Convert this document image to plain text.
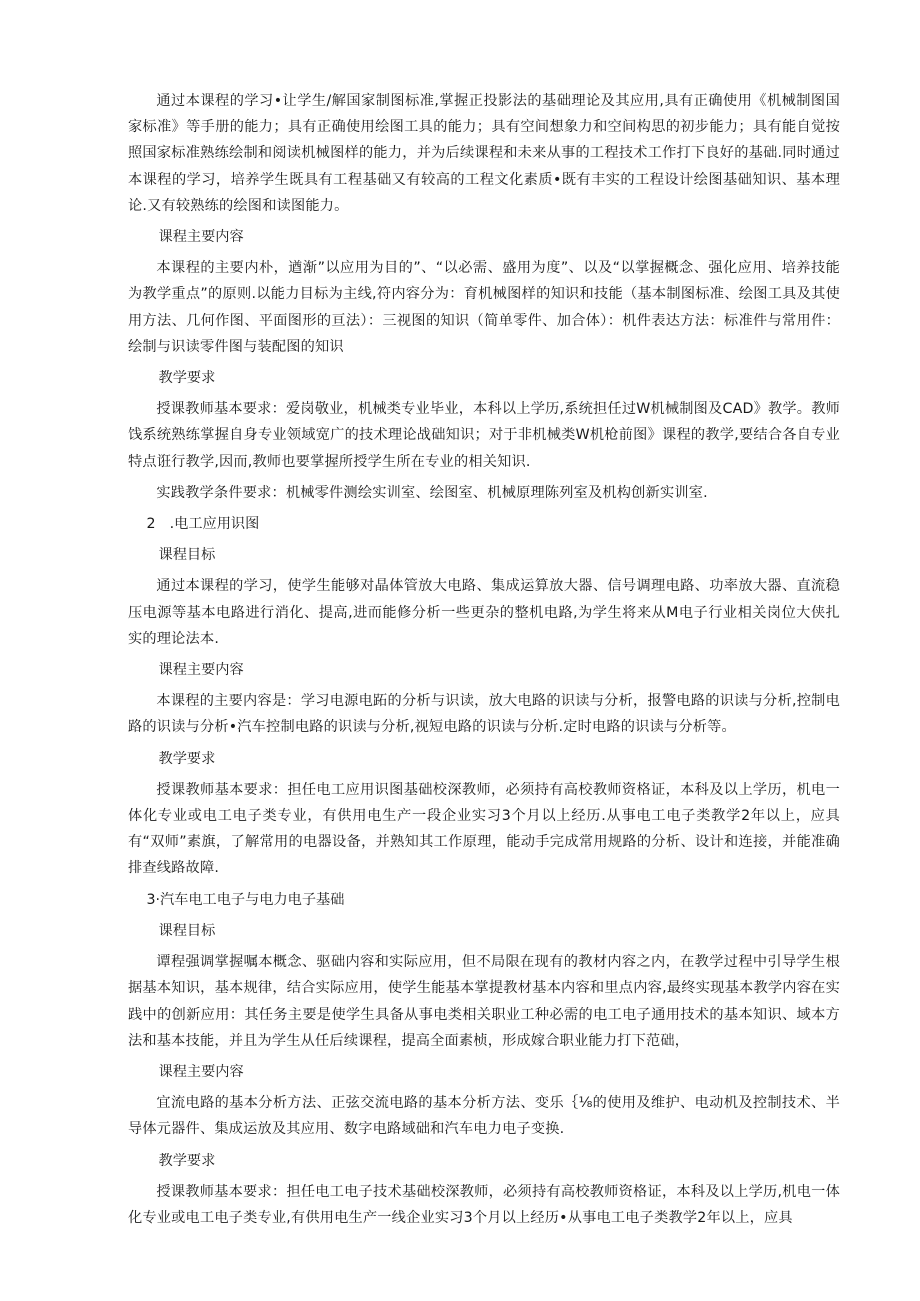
通过本课程的学习•让学生/解国家制图标准,掌握正投影法的基础理论及其应用,具有正确使用《机械制图国家标准》等手册的能力；具有正确使用绘图工具的能力；具有空间想象力和空间构思的初步能力；具有能自觉按照国家标准熟练绘制和阅读机械图样的能力，并为后续课程和未来从事的工程技术工作打下良好的基础.同时通过本课程的学习，培养学生既具有工程基础又有较高的工程文化素质•既有丰实的工程设计绘图基础知识、基本理论.又有较熟练的绘图和读图能力。

课程主要内容

本课程的主要内朴，遒渐”以应用为目的”、“以必需、盛用为度”、以及“以掌握概念、强化应用、培养技能为教学重点”的原则.以能力目标为主线,符内容分为：育机械图样的知识和技能（基本制图标准、绘图工具及其使用方法、几何作图、平面图形的亘法）：三视图的知识（简单零件、加合体）：机件表达方法：标准件与常用件：绘制与识读零件图与装配图的知识

教学要求

授课教师基本要求：爱岗敬业，机械类专业毕业，本科以上学历,系统担任过W机械制图及CAD》教学。教师饯系统熟练掌握自身专业领域宽广的技术理论战础知识；对于非机械类W机枪前图》课程的教学,要结合各自专业特点诳行教学,因而,教师也要掌握所授学生所在专业的相关知识.

实践教学条件要求：机械零件测绘实训室、绘图室、机械原理陈列室及机构创新实训室.

2　.电工应用识图

课程目标

通过本课程的学习，使学生能够对晶体管放大电路、集成运算放大器、信号调理电路、功率放大器、直流稳压电源等基本电路进行消化、提高,进而能修分析一些更杂的整机电路,为学生将来从M电子行业相关岗位大侠扎实的理论法本.

课程主要内容

本课程的主要内容是：学习电源电跖的分析与识读，放大电路的识读与分析，报警电路的识读与分析,控制电路的识读与分析•汽车控制电路的识读与分析,视短电路的识读与分析.定时电路的识读与分析等。

教学要求

授课教师基本要求：担任电工应用识图基础校深教师，必须持有高校教师资格证，本科及以上学历，机电一体化专业或电工电子类专业，有供用电生产一段企业实习3个月以上经历.从事电工电子类教学2年以上，应具有“双师”素旗，了解常用的电器设备，并熟知其工作原理，能动手完成常用规路的分析、设计和连接，并能准确排查线路故障.

3·汽车电工电子与电力电子基础

课程目标

谭程强调掌握嘱本概念、驱础内容和实际应用，但不局限在现有的教材内容之内，在教学过程中引导学生根据基本知识，基本规律，结合实际应用，使学生能基本掌提教材基本内容和里点内容,最终实现基本教学内容在实践中的创新应用：其任务主要是使学生具备从事电类相关职业工种必需的电工电子通用技术的基本知识、域本方法和基本技能，并且为学生从任后续课程，提高全面素桢，形成嫁合职业能力打下范础，

课程主要内容

宜流电路的基本分析方法、正弦交流电路的基本分析方法、变乐｛⅛的使用及维护、电动机及控制技术、半导体元器件、集成运放及其应用、数字电路域础和汽车电力电子变换.

教学要求

授课教师基本要求：担任电工电子技术基础校深教师，必须持有高校教师资格证，本科及以上学历,机电一体化专业或电工电子类专业,有供用电生产一线企业实习3个月以上经历•从事电工电子类教学2年以上，应具
